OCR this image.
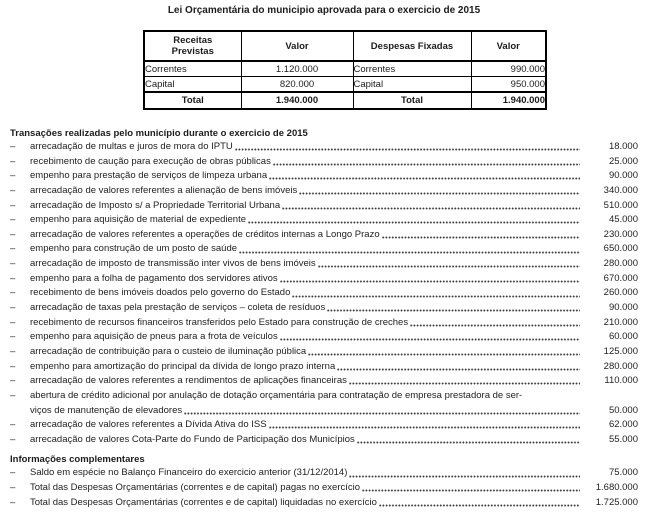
Lei Orçamentária do municipio aprovada para o exercicio de 2015
Receitas
Previstas	Valor	Despesas Fixadas	Valor
Correntes	1.120.000	Correntes	990.000
Capital	820.000	Capital	950.000
Total	1.940.000	Total	1.940.000
Transações realizadas pelo município durante o exercicio de 2015
–	arrecadação de multas e juros de mora do IPTU	18.000
–	recebimento de caução para execução de obras públicas	25.000
–	empenho para prestação de serviços de limpeza urbana	90.000
–	arrecadação de valores referentes a alienação de bens imóveis	340.000
–	arrecadação de Imposto s/ a Propriedade Territorial Urbana	510.000
–	empenho para aquisição de material de expediente	45.000
–	arrecadação de valores referentes a operações de créditos internas a Longo Prazo	230.000
–	empenho para construção de um posto de saúde	650.000
–	arrecadação de imposto de transmissão inter vivos de bens imóveis	280.000
–	empenho para a folha de pagamento dos servidores ativos	670.000
–	recebimento de bens imóveis doados pelo governo do Estado	260.000
–	arrecadação de taxas pela prestação de serviços – coleta de resíduos	90.000
–	recebimento de recursos financeiros transferidos pelo Estado para construção de creches	210.000
–	empenho para aquisição de pneus para a frota de veículos	60.000
–	arrecadação de contribuição para o custeio de iluminação pública	125.000
–	empenho para amortização do principal da dívida de longo prazo interna	280.000
–	arrecadação de valores referentes a rendimentos de aplicações financeiras	110.000
–	abertura de crédito adicional por anulação de dotação orçamentária para contratação de empresa prestadora de ser-
viços de manutenção de elevadores	50.000
–	arrecadação de valores referentes a Dívida Ativa do ISS	62.000
–	arrecadação de valores Cota-Parte do Fundo de Participação dos Municípios	55.000
Informações complementares
–	Saldo em espécie no Balanço Financeiro do exercicio anterior (31/12/2014)	75.000
–	Total das Despesas Orçamentárias (correntes e de capital) pagas no exercício	1.680.000
–	Total das Despesas Orçamentárias (correntes e de capital) liquidadas no exercício	1.725.000
